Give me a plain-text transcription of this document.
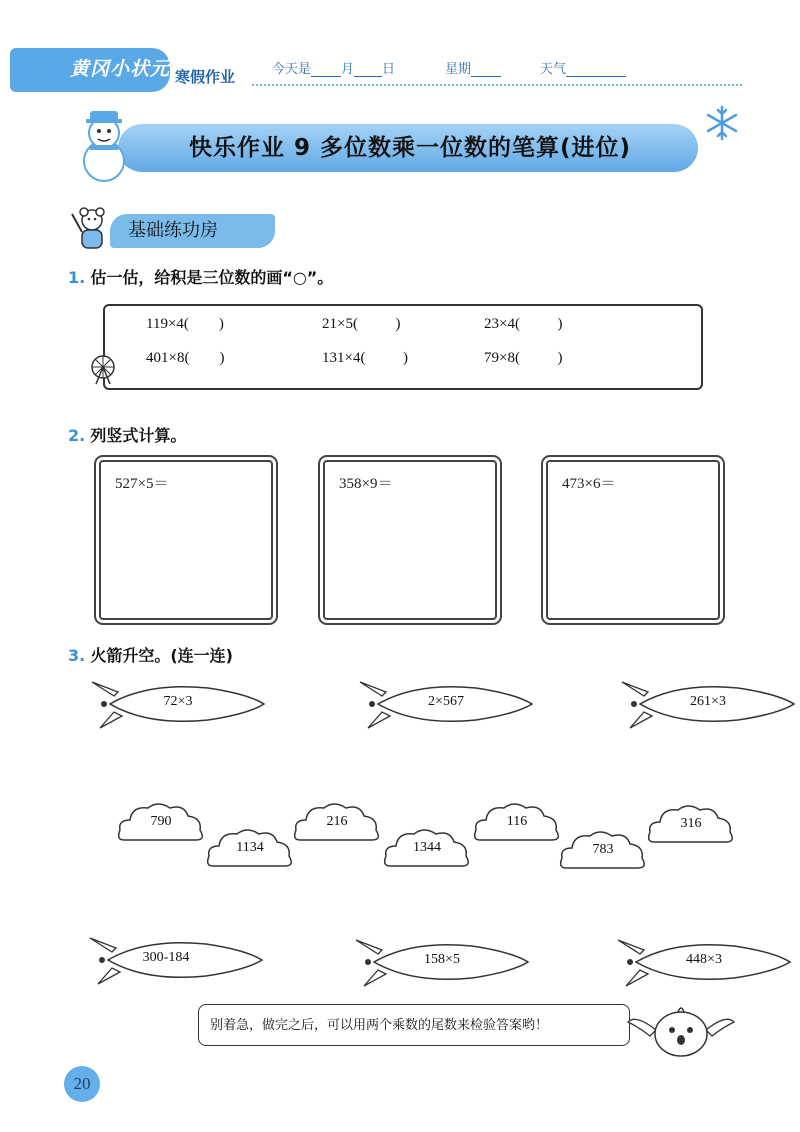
黄冈小状元 寒假作业	今天是 月 日	星期	天气
快乐作业 9 多位数乘一位数的笔算(进位)
基础练功房
1. 估一估，给积是三位数的画“○”。
119×4(        )	21×5(          )	23×4(          )
401×8(        )	131×4(          )	79×8(          )
2. 列竖式计算。
527×5＝	358×9＝	473×6＝
3. 火箭升空。(连一连)
72×3	2×567	261×3
790
1134
216
1344
116
783
316
300-184	158×5	448×3
别着急，做完之后，可以用两个乘数的尾数来检验答案哟！
20
